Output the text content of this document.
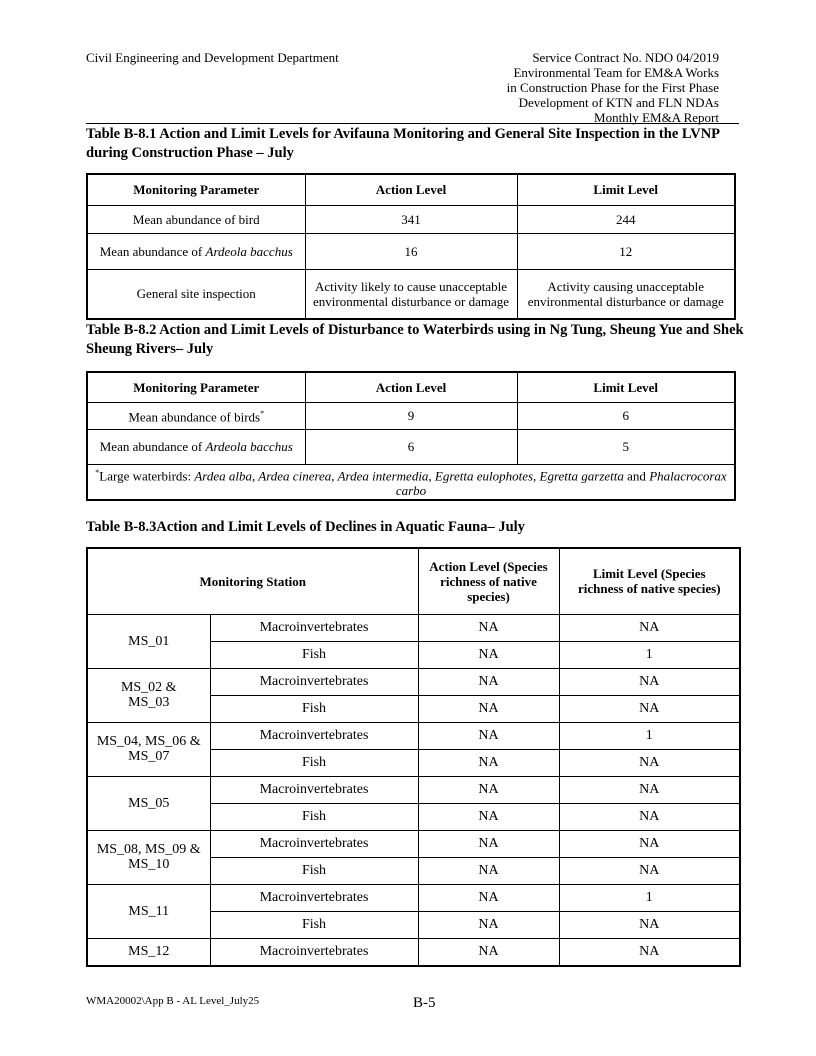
Civil Engineering and Development Department	Service Contract No. NDO 04/2019
Environmental Team for EM&A Works
in Construction Phase for the First Phase
Development of KTN and FLN NDAs
Monthly EM&A Report
Table B-8.1 Action and Limit Levels for Avifauna Monitoring and General Site Inspection in the LVNP during Construction Phase – July
Monitoring Parameter	Action Level	Limit Level
Mean abundance of bird	341	244
Mean abundance of Ardeola bacchus	16	12
General site inspection	Activity likely to cause unacceptable environmental disturbance or damage	Activity causing unacceptable environmental disturbance or damage
Table B-8.2 Action and Limit Levels of Disturbance to Waterbirds using in Ng Tung, Sheung Yue and Shek Sheung Rivers– July
Monitoring Parameter	Action Level	Limit Level
Mean abundance of birds*	9	6
Mean abundance of Ardeola bacchus	6	5
*Large waterbirds: Ardea alba, Ardea cinerea, Ardea intermedia, Egretta eulophotes, Egretta garzetta and Phalacrocorax carbo		
Table B-8.3Action and Limit Levels of Declines in Aquatic Fauna– July
Monitoring Station		Action Level (Species richness of native species)	Limit Level (Species richness of native species)
MS_01	Macroinvertebrates	NA	NA
	Fish	NA	1
MS_02 & MS_03	Macroinvertebrates	NA	NA
	Fish	NA	NA
MS_04, MS_06 & MS_07	Macroinvertebrates	NA	1
	Fish	NA	NA
MS_05	Macroinvertebrates	NA	NA
	Fish	NA	NA
MS_08, MS_09 & MS_10	Macroinvertebrates	NA	NA
	Fish	NA	NA
MS_11	Macroinvertebrates	NA	1
	Fish	NA	NA
MS_12	Macroinvertebrates	NA	NA
WMA20002\App B - AL Level_July25	B-5
